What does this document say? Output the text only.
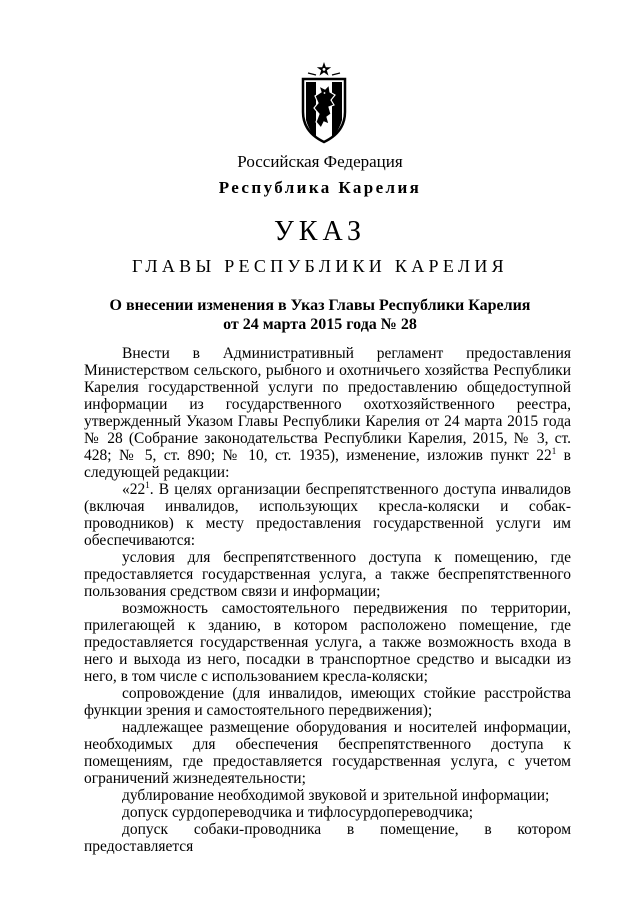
Российская Федерация
Республика Карелия
УКАЗ
ГЛАВЫ РЕСПУБЛИКИ КАРЕЛИЯ
О внесении изменения в Указ Главы Республики Карелия
от 24 марта 2015 года № 28

Внести в Административный регламент предоставления Министерством сельского, рыбного и охотничьего хозяйства Республики Карелия государственной услуги по предоставлению общедоступной информации из государственного охотхозяйственного реестра, утвержденный Указом Главы Республики Карелия от 24 марта 2015 года № 28 (Собрание законодательства Республики Карелия, 2015, № 3, ст. 428; № 5, ст. 890; № 10, ст. 1935), изменение, изложив пункт $22^1$ в следующей редакции:

«$22^1$. В целях организации беспрепятственного доступа инвалидов (включая инвалидов, использующих кресла-коляски и собак-проводников) к месту предоставления государственной услуги им обеспечиваются:

условия для беспрепятственного доступа к помещению, где предоставляется государственная услуга, а также беспрепятственного пользования средством связи и информации;

возможность самостоятельного передвижения по территории, прилегающей к зданию, в котором расположено помещение, где предоставляется государственная услуга, а также возможность входа в него и выхода из него, посадки в транспортное средство и высадки из него, в том числе с использованием кресла-коляски;

сопровождение (для инвалидов, имеющих стойкие расстройства функции зрения и самостоятельного передвижения);

надлежащее размещение оборудования и носителей информации, необходимых для обеспечения беспрепятственного доступа к помещениям, где предоставляется государственная услуга, с учетом ограничений жизнедеятельности;

дублирование необходимой звуковой и зрительной информации;

допуск сурдопереводчика и тифлосурдопереводчика;

допуск собаки-проводника в помещение, в котором предоставляется
